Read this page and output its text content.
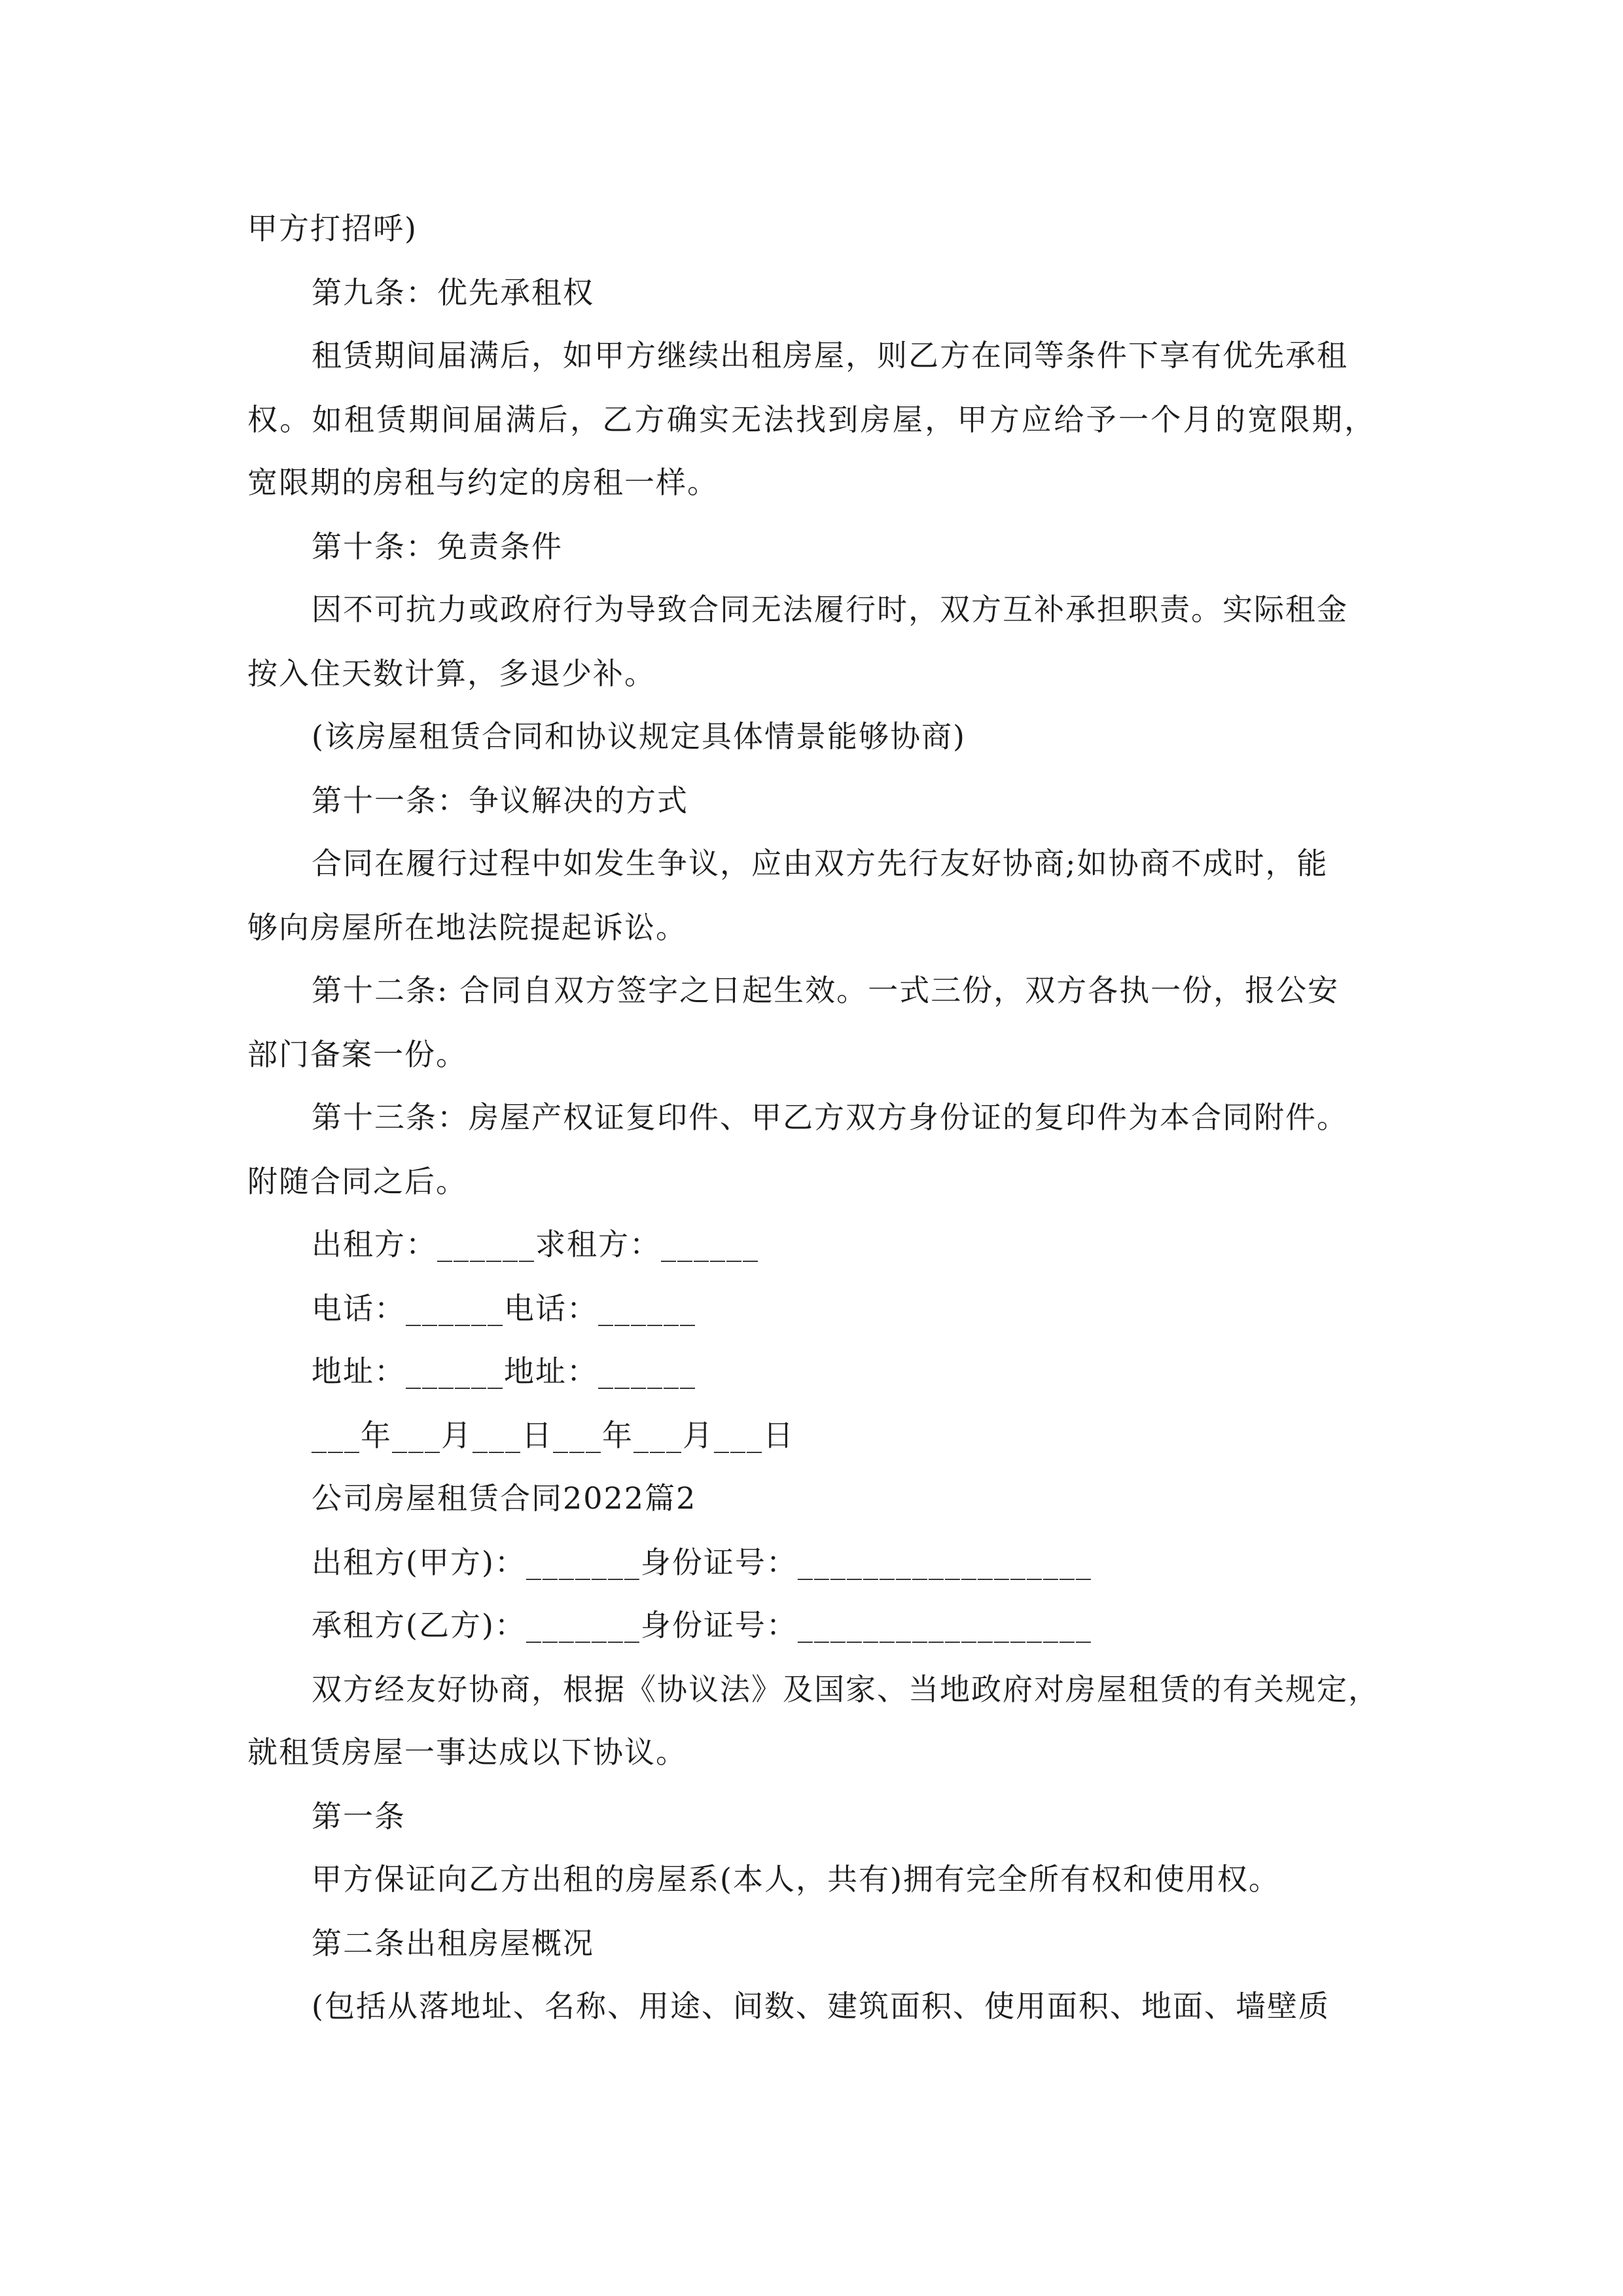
甲方打招呼)
第九条：优先承租权
租赁期间届满后，如甲方继续出租房屋，则乙方在同等条件下享有优先承租
权。如租赁期间届满后，乙方确实无法找到房屋，甲方应给予一个月的宽限期，
宽限期的房租与约定的房租一样。
第十条：免责条件
因不可抗力或政府行为导致合同无法履行时，双方互补承担职责。实际租金
按入住天数计算，多退少补。
(该房屋租赁合同和协议规定具体情景能够协商)
第十一条：争议解决的方式
合同在履行过程中如发生争议，应由双方先行友好协商;如协商不成时，能
够向房屋所在地法院提起诉讼。
第十二条: 合同自双方签字之日起生效。一式三份，双方各执一份，报公安
部门备案一份。
第十三条：房屋产权证复印件、甲乙方双方身份证的复印件为本合同附件。
附随合同之后。
出租方：______求租方：______
电话：______电话：______
地址：______地址：______
___年___月___日___年___月___日
公司房屋租赁合同2022篇2
出租方(甲方)：_______身份证号：__________________
承租方(乙方)：_______身份证号：__________________
双方经友好协商，根据《协议法》及国家、当地政府对房屋租赁的有关规定，
就租赁房屋一事达成以下协议。
第一条
甲方保证向乙方出租的房屋系(本人，共有)拥有完全所有权和使用权。
第二条出租房屋概况
(包括从落地址、名称、用途、间数、建筑面积、使用面积、地面、墙壁质
